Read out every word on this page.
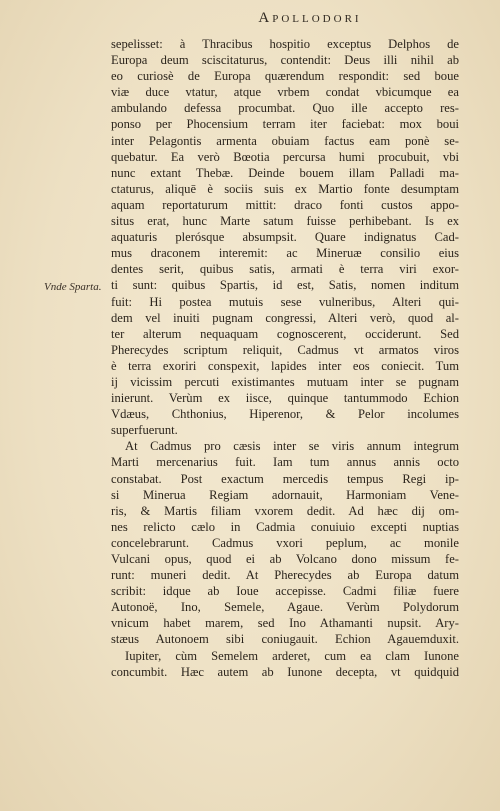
Apollodori
Vnde Sparta.
sepelisset: à Thracibus hospitio exceptus Delphos de
Europa deum sciscitaturus, contendit: Deus illi nihil ab
eo curiosè de Europa quærendum respondit: sed boue
viæ duce vtatur, atque vrbem condat vbicumque ea
ambulando defessa procumbat. Quo ille accepto res-
ponso per Phocensium terram iter faciebat: mox boui
inter Pelagontis armenta obuiam factus eam ponè se-
quebatur. Ea verò Bœotia percursa humi procubuit, vbi
nunc extant Thebæ. Deinde bouem illam Palladi ma-
ctaturus, aliquē è sociis suis ex Martio fonte desumptam
aquam reportaturum mittit: draco fonti custos appo-
situs erat, hunc Marte satum fuisse perhibebant. Is ex
aquaturis plerósque absumpsit. Quare indignatus Cad-
mus draconem interemit: ac Mineruæ consilio eius
dentes serit, quibus satis, armati è terra viri exor-
ti sunt: quibus Spartis, id est, Satis, nomen inditum
fuit: Hi postea mutuis sese vulneribus, Alteri qui-
dem vel inuiti pugnam congressi, Alteri verò, quod al-
ter alterum nequaquam cognoscerent, occiderunt. Sed
Pherecydes scriptum reliquit, Cadmus vt armatos viros
è terra exoriri conspexit, lapides inter eos coniecit. Tum
ij vicissim percuti existimantes mutuam inter se pugnam
inierunt. Verùm ex iisce, quinque tantummodo Echion
Vdæus, Chthonius, Hiperenor, & Pelor incolumes
superfuerunt.
At Cadmus pro cæsis inter se viris annum integrum
Marti mercenarius fuit. Iam tum annus annis octo
constabat. Post exactum mercedis tempus Regi ip-
si Minerua Regiam adornauit, Harmoniam Vene-
ris, & Martis filiam vxorem dedit. Ad hæc dij om-
nes relicto cælo in Cadmia conuiuio excepti nuptias
concelebrarunt. Cadmus vxori peplum, ac monile
Vulcani opus, quod ei ab Volcano dono missum fe-
runt: muneri dedit. At Pherecydes ab Europa datum
scribit: idque ab Ioue accepisse. Cadmi filiæ fuere
Autonoë, Ino, Semele, Agaue. Verùm Polydorum
vnicum habet marem, sed Ino Athamanti nupsit. Ary-
stæus Autonoem sibi coniugauit. Echion Agauemduxit.
Iupiter, cùm Semelem arderet, cum ea clam Iunone
concumbit. Hæc autem ab Iunone decepta, vt quidquid
